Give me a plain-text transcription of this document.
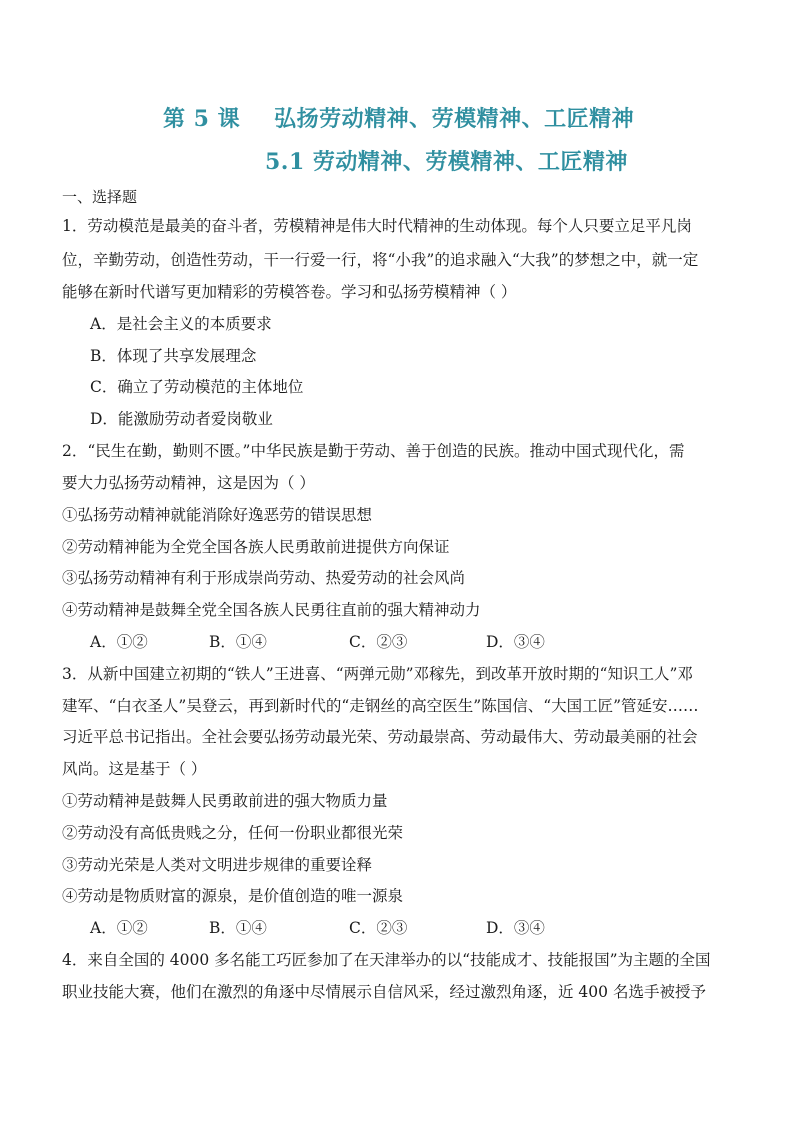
第 5 课 弘扬劳动精神、劳模精神、工匠精神
5.1 劳动精神、劳模精神、工匠精神
一、选择题
1．劳动模范是最美的奋斗者，劳模精神是伟大时代精神的生动体现。每个人只要立足平凡岗
位，辛勤劳动，创造性劳动，干一行爱一行，将“小我”的追求融入“大我”的梦想之中，就一定
能够在新时代谱写更加精彩的劳模答卷。学习和弘扬劳模精神（ ）
A．是社会主义的本质要求
B．体现了共享发展理念
C．确立了劳动模范的主体地位
D．能激励劳动者爱岗敬业
2．“民生在勤，勤则不匮。”中华民族是勤于劳动、善于创造的民族。推动中国式现代化，需
要大力弘扬劳动精神，这是因为（ ）
①弘扬劳动精神就能消除好逸恶劳的错误思想
②劳动精神能为全党全国各族人民勇敢前进提供方向保证
③弘扬劳动精神有利于形成崇尚劳动、热爱劳动的社会风尚
④劳动精神是鼓舞全党全国各族人民勇往直前的强大精神动力
A．①②	B．①④	C．②③	D．③④
3．从新中国建立初期的“铁人”王进喜、“两弹元勋”邓稼先，到改革开放时期的“知识工人”邓
建军、“白衣圣人”吴登云，再到新时代的“走钢丝的高空医生”陈国信、“大国工匠”管延安……
习近平总书记指出。全社会要弘扬劳动最光荣、劳动最崇高、劳动最伟大、劳动最美丽的社会
风尚。这是基于（ ）
①劳动精神是鼓舞人民勇敢前进的强大物质力量
②劳动没有高低贵贱之分，任何一份职业都很光荣
③劳动光荣是人类对文明进步规律的重要诠释
④劳动是物质财富的源泉，是价值创造的唯一源泉
A．①②	B．①④	C．②③	D．③④
4．来自全国的 4000 多名能工巧匠参加了在天津举办的以“技能成才、技能报国”为主题的全国
职业技能大赛，他们在激烈的角逐中尽情展示自信风采，经过激烈角逐，近 400 名选手被授予
